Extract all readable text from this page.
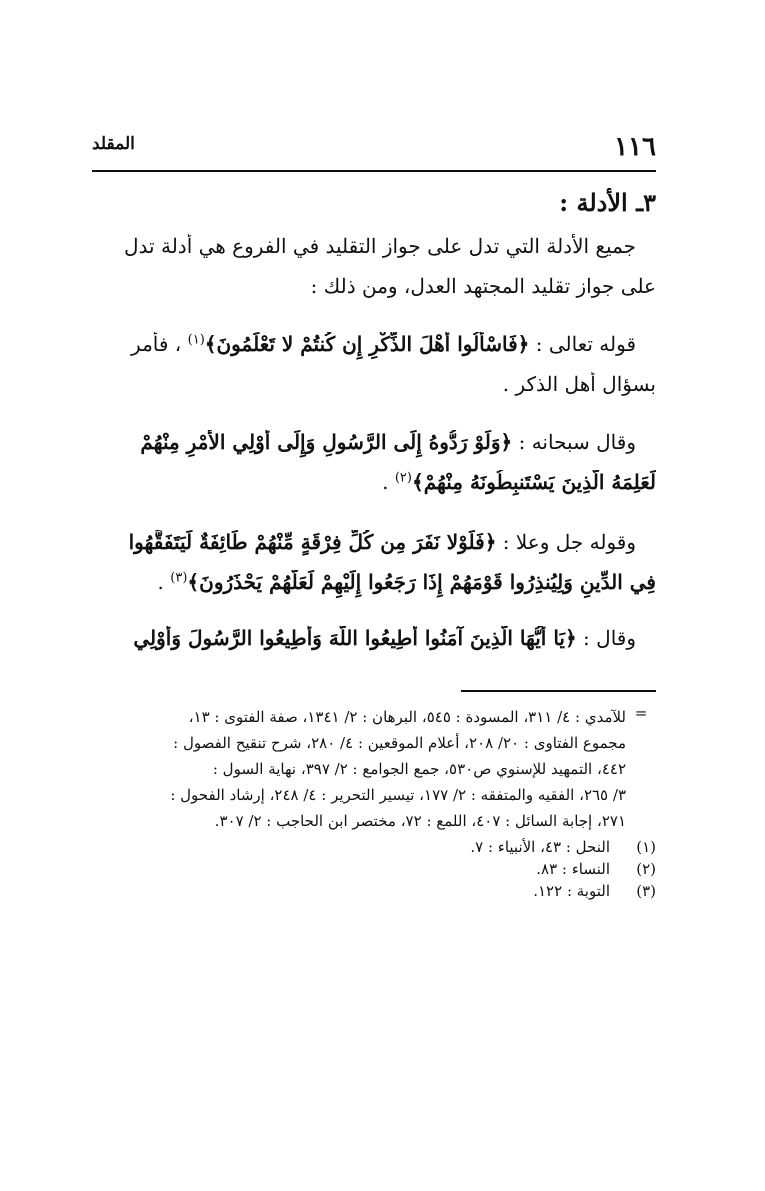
١١٦
المقلد
٣ـ الأدلة :
جميع الأدلة التي تدل على جواز التقليد في الفروع هي أدلة تدل
على جواز تقليد المجتهد العدل، ومن ذلك :
قوله تعالى : ﴿فَاسْأَلُوا أَهْلَ الذِّكْرِ إِن كُنتُمْ لا تَعْلَمُونَ﴾$^{(١)}$ ، فأمر
بسؤال أهل الذكر .
وقال سبحانه : ﴿وَلَوْ رَدُّوهُ إِلَى الرَّسُولِ وَإِلَى أُوْلِي الأَمْرِ مِنْهُمْ
لَعَلِمَهُ الَّذِينَ يَسْتَنبِطُونَهُ مِنْهُمْ﴾$^{(٢)}$ .
وقوله جل وعلا : ﴿فَلَوْلا نَفَرَ مِن كُلِّ فِرْقَةٍ مِّنْهُمْ طَائِفَةٌ لِّيَتَفَقَّهُوا
فِي الدِّينِ وَلِيُنذِرُوا قَوْمَهُمْ إِذَا رَجَعُوا إِلَيْهِمْ لَعَلَّهُمْ يَحْذَرُونَ﴾$^{(٣)}$ .
وقال : ﴿يَا أَيُّهَا الَّذِينَ آمَنُوا أَطِيعُوا اللَّهَ وَأَطِيعُوا الرَّسُولَ وَأُوْلِي
=
للآمدي : ٤/ ٣١١، المسودة : ٥٤٥، البرهان : ٢/ ١٣٤١، صفة الفتوى : ١٣،
مجموع الفتاوى : ٢٠/ ٢٠٨، أعلام الموقعين : ٤/ ٢٨٠، شرح تنقيح الفصول :
٤٤٢، التمهيد للإسنوي ص٥٣٠، جمع الجوامع : ٢/ ٣٩٧، نهاية السول :
٣/ ٢٦٥، الفقيه والمتفقه : ٢/ ١٧٧، تيسير التحرير : ٤/ ٢٤٨، إرشاد الفحول :
٢٧١، إجابة السائل : ٤٠٧، اللمع : ٧٢، مختصر ابن الحاجب : ٢/ ٣٠٧.
(١)
النحل : ٤٣، الأنبياء : ٧.
(٢)
النساء : ٨٣.
(٣)
التوبة : ١٢٢.
